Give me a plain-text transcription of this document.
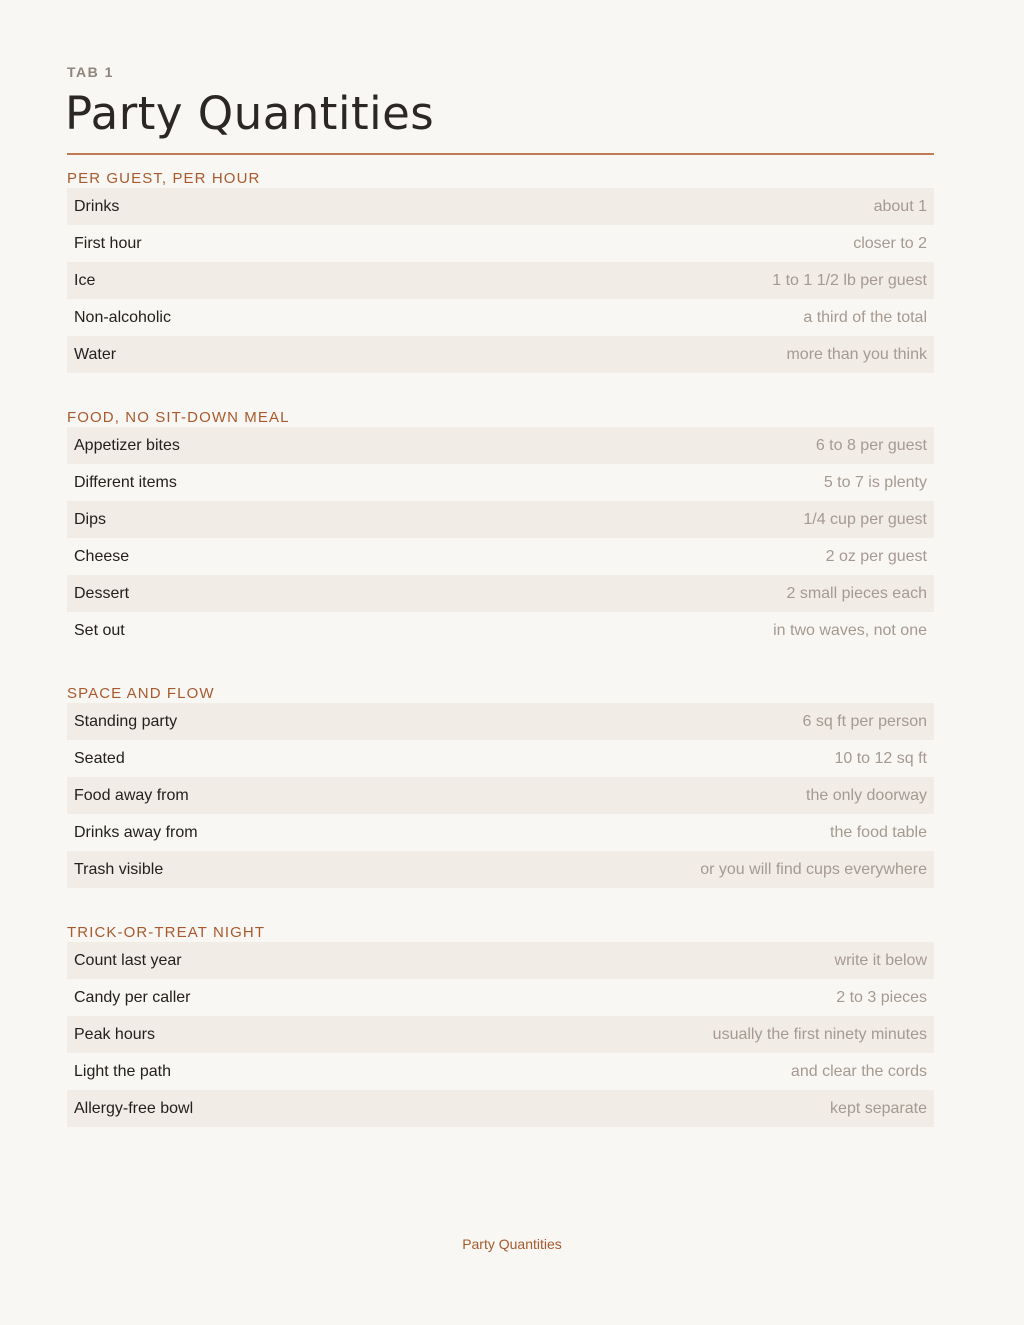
TAB 1
Party Quantities
PER GUEST, PER HOUR
Drinks	about 1
First hour	closer to 2
Ice	1 to 1 1/2 lb per guest
Non-alcoholic	a third of the total
Water	more than you think
FOOD, NO SIT-DOWN MEAL
Appetizer bites	6 to 8 per guest
Different items	5 to 7 is plenty
Dips	1/4 cup per guest
Cheese	2 oz per guest
Dessert	2 small pieces each
Set out	in two waves, not one
SPACE AND FLOW
Standing party	6 sq ft per person
Seated	10 to 12 sq ft
Food away from	the only doorway
Drinks away from	the food table
Trash visible	or you will find cups everywhere
TRICK-OR-TREAT NIGHT
Count last year	write it below
Candy per caller	2 to 3 pieces
Peak hours	usually the first ninety minutes
Light the path	and clear the cords
Allergy-free bowl	kept separate
Party Quantities
